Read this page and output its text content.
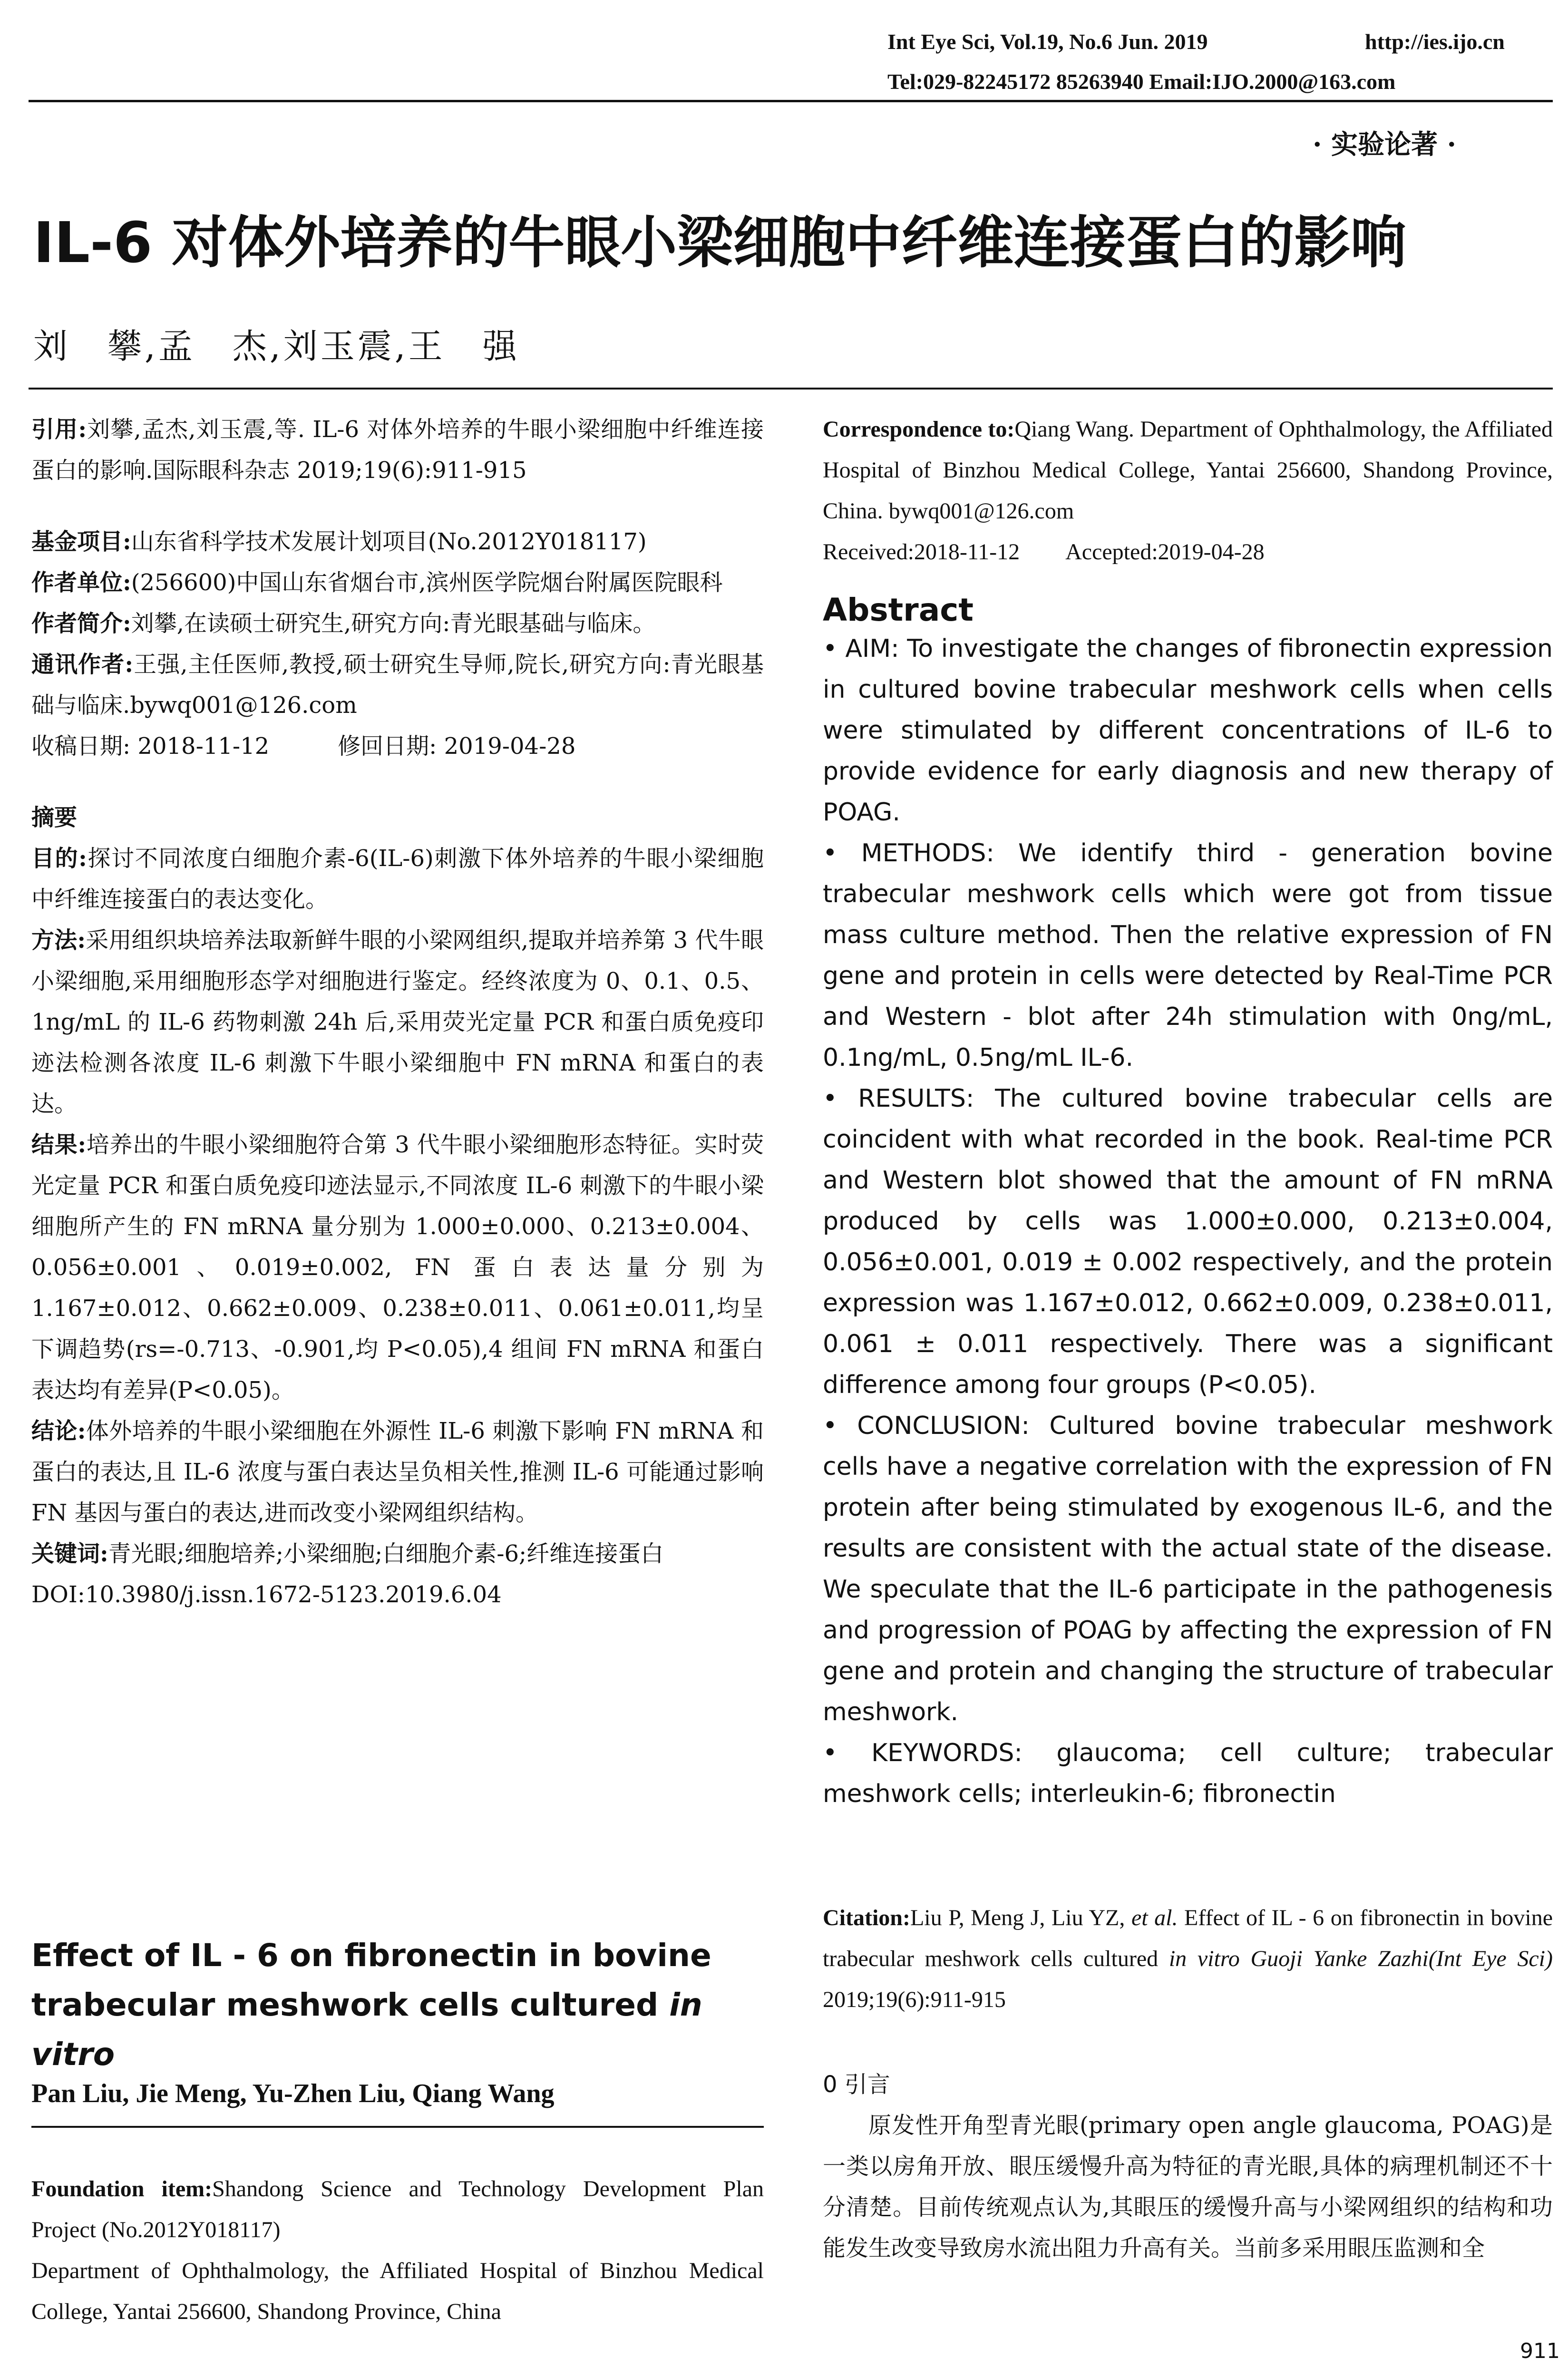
Int Eye Sci, Vol.19, No.6 Jun. 2019	http://ies.ijo.cn
Tel:029-82245172 85263940 Email:IJO.2000@163.com
· 实验论著 ·
IL-6 对体外培养的牛眼小梁细胞中纤维连接蛋白的影响
刘　攀,孟　杰,刘玉震,王　强

引用:刘攀,孟杰,刘玉震,等. IL-6 对体外培养的牛眼小梁细胞中纤维连接蛋白的影响.国际眼科杂志 2019;19(6):911-915

基金项目:山东省科学技术发展计划项目(No.2012Y018117)

作者单位:(256600)中国山东省烟台市,滨州医学院烟台附属医院眼科

作者简介:刘攀,在读硕士研究生,研究方向:青光眼基础与临床。

通讯作者:王强,主任医师,教授,硕士研究生导师,院长,研究方向:青光眼基础与临床.bywq001@126.com

收稿日期: 2018-11-12　　　修回日期: 2019-04-28

摘要

目的:探讨不同浓度白细胞介素-6(IL-6)刺激下体外培养的牛眼小梁细胞中纤维连接蛋白的表达变化。

方法:采用组织块培养法取新鲜牛眼的小梁网组织,提取并培养第 3 代牛眼小梁细胞,采用细胞形态学对细胞进行鉴定。经终浓度为 0、0.1、0.5、1ng/mL 的 IL-6 药物刺激 24h 后,采用荧光定量 PCR 和蛋白质免疫印迹法检测各浓度 IL-6 刺激下牛眼小梁细胞中 FN mRNA 和蛋白的表达。

结果:培养出的牛眼小梁细胞符合第 3 代牛眼小梁细胞形态特征。实时荧光定量 PCR 和蛋白质免疫印迹法显示,不同浓度 IL-6 刺激下的牛眼小梁细胞所产生的 FN mRNA 量分别为 1.000±0.000、0.213±0.004、0.056±0.001、0.019±0.002, FN 蛋白表达量分别为 1.167±0.012、0.662±0.009、0.238±0.011、0.061±0.011,均呈下调趋势(rs=-0.713、-0.901,均 P<0.05),4 组间 FN mRNA 和蛋白表达均有差异(P<0.05)。

结论:体外培养的牛眼小梁细胞在外源性 IL-6 刺激下影响 FN mRNA 和蛋白的表达,且 IL-6 浓度与蛋白表达呈负相关性,推测 IL-6 可能通过影响 FN 基因与蛋白的表达,进而改变小梁网组织结构。

关键词:青光眼;细胞培养;小梁细胞;白细胞介素-6;纤维连接蛋白

DOI:10.3980/j.issn.1672-5123.2019.6.04

Effect of IL - 6 on fibronectin in bovine trabecular meshwork cells cultured in vitro

Pan Liu, Jie Meng, Yu-Zhen Liu, Qiang Wang

Foundation item:Shandong Science and Technology Development Plan Project (No.2012Y018117)

Department of Ophthalmology, the Affiliated Hospital of Binzhou Medical College, Yantai 256600, Shandong Province, China

Correspondence to:Qiang Wang. Department of Ophthalmology, the Affiliated Hospital of Binzhou Medical College, Yantai 256600, Shandong Province, China. bywq001@126.com

Received:2018-11-12　　Accepted:2019-04-28

Abstract

• AIM: To investigate the changes of fibronectin expression in cultured bovine trabecular meshwork cells when cells were stimulated by different concentrations of IL-6 to provide evidence for early diagnosis and new therapy of POAG.

• METHODS: We identify third - generation bovine trabecular meshwork cells which were got from tissue mass culture method. Then the relative expression of FN gene and protein in cells were detected by Real-Time PCR and Western - blot after 24h stimulation with 0ng/mL, 0.1ng/mL, 0.5ng/mL IL-6.

• RESULTS: The cultured bovine trabecular cells are coincident with what recorded in the book. Real-time PCR and Western blot showed that the amount of FN mRNA produced by cells was 1.000±0.000, 0.213±0.004, 0.056±0.001, 0.019 ± 0.002 respectively, and the protein expression was 1.167±0.012, 0.662±0.009, 0.238±0.011, 0.061 ± 0.011 respectively. There was a significant difference among four groups (P<0.05).

• CONCLUSION: Cultured bovine trabecular meshwork cells have a negative correlation with the expression of FN protein after being stimulated by exogenous IL-6, and the results are consistent with the actual state of the disease. We speculate that the IL-6 participate in the pathogenesis and progression of POAG by affecting the expression of FN gene and protein and changing the structure of trabecular meshwork.

• KEYWORDS: glaucoma; cell culture; trabecular meshwork cells; interleukin-6; fibronectin

Citation:Liu P, Meng J, Liu YZ, et al. Effect of IL - 6 on fibronectin in bovine trabecular meshwork cells cultured in vitro Guoji Yanke Zazhi(Int Eye Sci) 2019;19(6):911-915

0 引言

原发性开角型青光眼(primary open angle glaucoma, POAG)是一类以房角开放、眼压缓慢升高为特征的青光眼,具体的病理机制还不十分清楚。目前传统观点认为,其眼压的缓慢升高与小梁网组织的结构和功能发生改变导致房水流出阻力升高有关。当前多采用眼压监测和全

911
